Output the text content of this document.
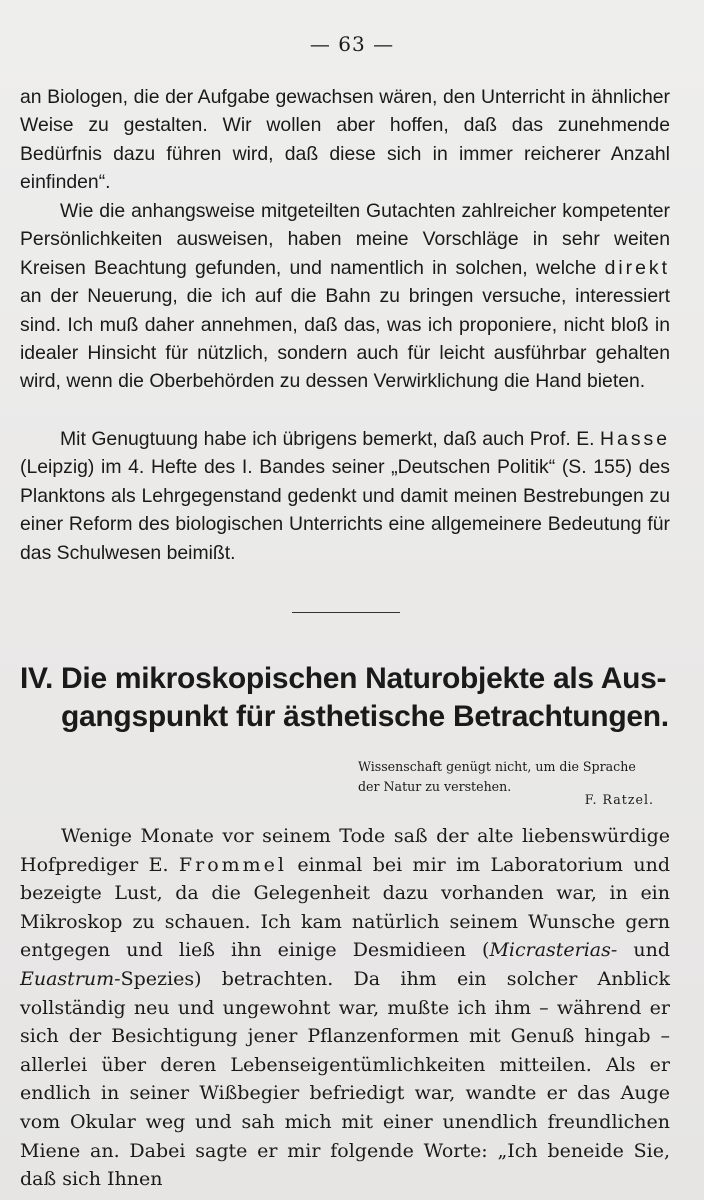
— 63 —

an Biologen, die der Aufgabe gewachsen wären, den Unterricht in ähnlicher Weise zu gestalten. Wir wollen aber hoffen, daß das zunehmende Bedürfnis dazu führen wird, daß diese sich in immer reicherer Anzahl einfinden“.

Wie die anhangsweise mitgeteilten Gutachten zahlreicher kompetenter Persönlichkeiten ausweisen, haben meine Vorschläge in sehr weiten Kreisen Beachtung gefunden, und namentlich in solchen, welche direkt an der Neuerung, die ich auf die Bahn zu bringen versuche, interessiert sind. Ich muß daher annehmen, daß das, was ich proponiere, nicht bloß in idealer Hinsicht für nützlich, sondern auch für leicht ausführbar gehalten wird, wenn die Oberbehörden zu dessen Verwirklichung die Hand bieten.

Mit Genugtuung habe ich übrigens bemerkt, daß auch Prof. E. Hasse (Leipzig) im 4. Hefte des I. Bandes seiner „Deutschen Politik“ (S. 155) des Planktons als Lehrgegenstand gedenkt und damit meinen Bestrebungen zu einer Reform des biologischen Unterrichts eine allgemeinere Bedeutung für das Schulwesen beimißt.

IV. Die mikroskopischen Naturobjekte als Aus-
gangspunkt für ästhetische Betrachtungen.

Wissenschaft genügt nicht, um die Sprache der Natur zu verstehen.

F. Ratzel.

Wenige Monate vor seinem Tode saß der alte liebenswürdige Hofprediger E. Frommel einmal bei mir im Laboratorium und bezeigte Lust, da die Gelegenheit dazu vorhanden war, in ein Mikroskop zu schauen. Ich kam natürlich seinem Wunsche gern entgegen und ließ ihn einige Desmidieen (Micrasterias- und Euastrum-Spezies) betrachten. Da ihm ein solcher Anblick vollständig neu und ungewohnt war, mußte ich ihm – während er sich der Besichtigung jener Pflanzenformen mit Genuß hingab – allerlei über deren Lebenseigentümlichkeiten mitteilen. Als er endlich in seiner Wißbegier befriedigt war, wandte er das Auge vom Okular weg und sah mich mit einer unendlich freundlichen Miene an. Dabei sagte er mir folgende Worte: „Ich beneide Sie, daß sich Ihnen
